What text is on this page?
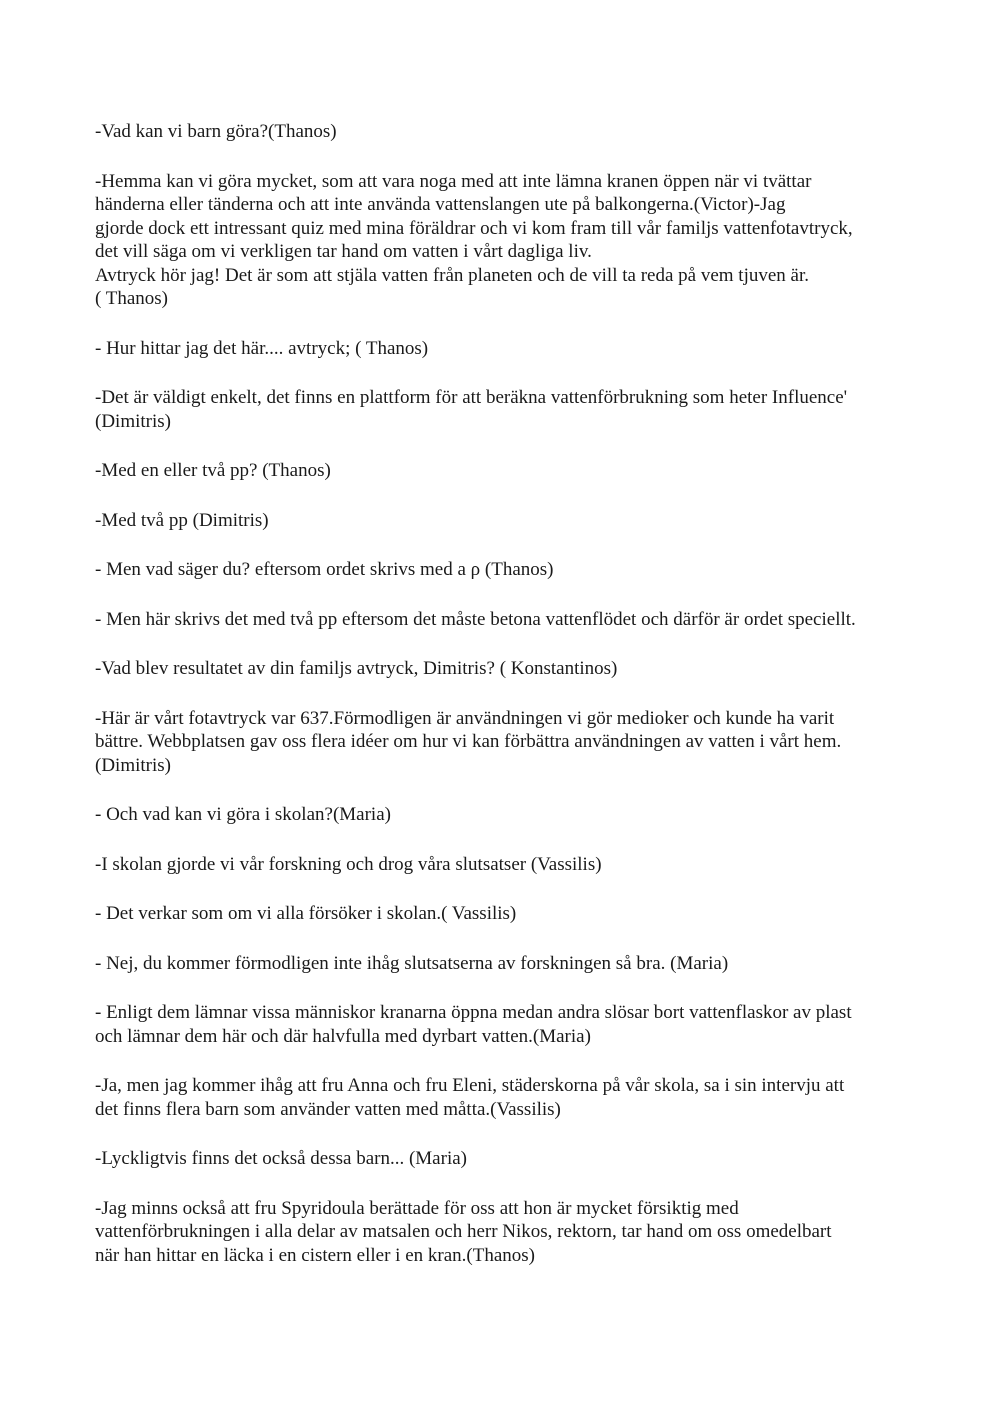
-Vad kan vi barn göra?(Thanos)

-Hemma kan vi göra mycket, som att vara noga med att inte lämna kranen öppen när vi tvättar
händerna eller tänderna och att inte använda vattenslangen ute på balkongerna.(Victor)-Jag
gjorde dock ett intressant quiz med mina föräldrar och vi kom fram till vår familjs vattenfotavtryck,
det vill säga om vi verkligen tar hand om vatten i vårt dagliga liv.
Avtryck hör jag! Det är som att stjäla vatten från planeten och de vill ta reda på vem tjuven är.
( Thanos)

- Hur hittar jag det här.... avtryck; ( Thanos)

-Det är väldigt enkelt, det finns en plattform för att beräkna vattenförbrukning som heter Influence'
(Dimitris)

-Med en eller två pp? (Thanos)

-Med två pp (Dimitris)

- Men vad säger du? eftersom ordet skrivs med a ρ (Thanos)

- Men här skrivs det med två pp eftersom det måste betona vattenflödet och därför är ordet speciellt.

-Vad blev resultatet av din familjs avtryck, Dimitris? ( Konstantinos)

-Här är vårt fotavtryck var 637.Förmodligen är användningen vi gör medioker och kunde ha varit
bättre. Webbplatsen gav oss flera idéer om hur vi kan förbättra användningen av vatten i vårt hem.
(Dimitris)

- Och vad kan vi göra i skolan?(Maria)

-I skolan gjorde vi vår forskning och drog våra slutsatser (Vassilis)

- Det verkar som om vi alla försöker i skolan.( Vassilis)

- Nej, du kommer förmodligen inte ihåg slutsatserna av forskningen så bra. (Maria)

- Enligt dem lämnar vissa människor kranarna öppna medan andra slösar bort vattenflaskor av plast
och lämnar dem här och där halvfulla med dyrbart vatten.(Maria)

-Ja, men jag kommer ihåg att fru Anna och fru Eleni, städerskorna på vår skola, sa i sin intervju att
det finns flera barn som använder vatten med måtta.(Vassilis)

-Lyckligtvis finns det också dessa barn... (Maria)

-Jag minns också att fru Spyridoula berättade för oss att hon är mycket försiktig med
vattenförbrukningen i alla delar av matsalen och herr Nikos, rektorn, tar hand om oss omedelbart
när han hittar en läcka i en cistern eller i en kran.(Thanos)
